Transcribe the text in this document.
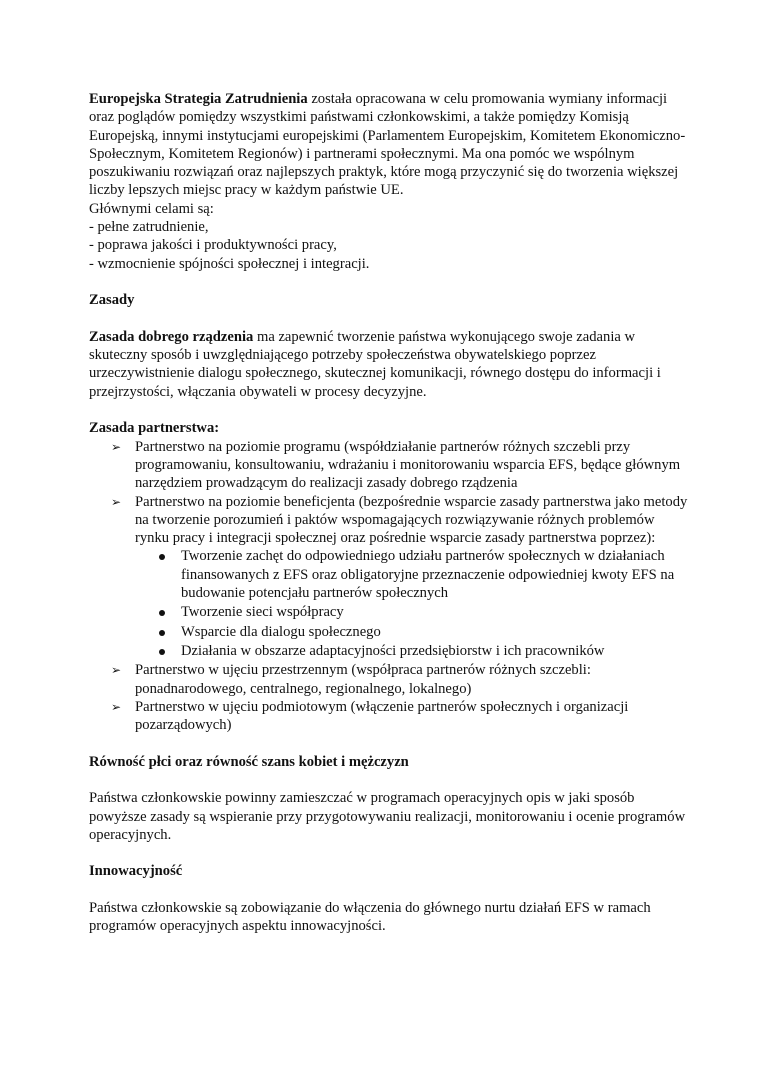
Europejska Strategia Zatrudnienia została opracowana w celu promowania wymiany informacji oraz poglądów pomiędzy wszystkimi państwami członkowskimi, a także pomiędzy Komisją Europejską, innymi instytucjami europejskimi (Parlamentem Europejskim, Komitetem Ekonomiczno-Społecznym, Komitetem Regionów) i partnerami społecznymi. Ma ona pomóc we wspólnym poszukiwaniu rozwiązań oraz najlepszych praktyk, które mogą przyczynić się do tworzenia większej liczby lepszych miejsc pracy w każdym państwie UE.

Głównymi celami są:

- pełne zatrudnienie,

- poprawa jakości i produktywności pracy,

- wzmocnienie spójności społecznej i integracji.

Zasady

Zasada dobrego rządzenia ma zapewnić tworzenie państwa wykonującego swoje zadania w skuteczny sposób i uwzględniającego potrzeby społeczeństwa obywatelskiego poprzez urzeczywistnienie dialogu społecznego, skutecznej komunikacji, równego dostępu do informacji i przejrzystości, włączania obywateli w procesy decyzyjne.

Zasada partnerstwa:

➢ Partnerstwo na poziomie programu (współdziałanie partnerów różnych szczebli przy programowaniu, konsultowaniu, wdrażaniu i monitorowaniu wsparcia EFS, będące głównym narzędziem prowadzącym do realizacji zasady dobrego rządzenia
➢ Partnerstwo na poziomie beneficjenta (bezpośrednie wsparcie zasady partnerstwa jako metody na tworzenie porozumień i paktów wspomagających rozwiązywanie różnych problemów rynku pracy i integracji społecznej oraz pośrednie wsparcie zasady partnerstwa poprzez):
Tworzenie zachęt do odpowiedniego udziału partnerów społecznych w działaniach finansowanych z EFS oraz obligatoryjne przeznaczenie odpowiedniej kwoty EFS na budowanie potencjału partnerów społecznych
Tworzenie sieci współpracy
Wsparcie dla dialogu społecznego
Działania w obszarze adaptacyjności przedsiębiorstw i ich pracowników
➢ Partnerstwo w ujęciu przestrzennym (współpraca partnerów różnych szczebli: ponadnarodowego, centralnego, regionalnego, lokalnego)
➢ Partnerstwo w ujęciu podmiotowym (włączenie partnerów społecznych i organizacji pozarządowych)

Równość płci oraz równość szans kobiet i mężczyzn

Państwa członkowskie powinny zamieszczać w programach operacyjnych opis w jaki sposób powyższe zasady są wspieranie przy przygotowywaniu realizacji, monitorowaniu i ocenie programów operacyjnych.

Innowacyjność

Państwa członkowskie są zobowiązanie do włączenia do głównego nurtu działań EFS w ramach programów operacyjnych aspektu innowacyjności.
